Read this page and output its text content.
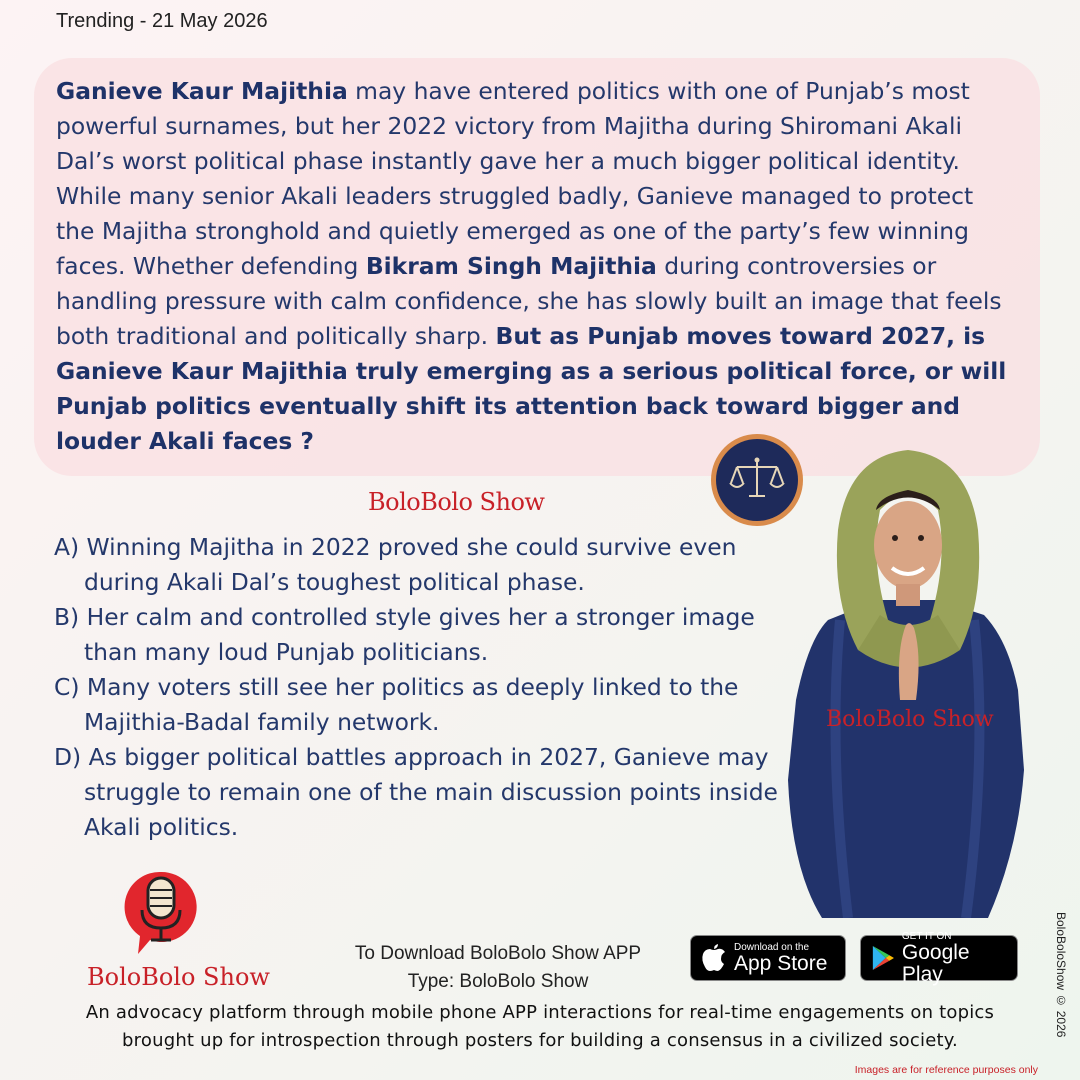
Trending - 21 May 2026

Ganieve Kaur Majithia may have entered politics with one of Punjab’s most powerful surnames, but her 2022 victory from Majitha during Shiromani Akali Dal’s worst political phase instantly gave her a much bigger political identity. While many senior Akali leaders struggled badly, Ganieve managed to protect the Majitha stronghold and quietly emerged as one of the party’s few winning faces. Whether defending Bikram Singh Majithia during controversies or handling pressure with calm confidence, she has slowly built an image that feels both traditional and politically sharp. But as Punjab moves toward 2027, is Ganieve Kaur Majithia truly emerging as a serious political force, or will Punjab politics eventually shift its attention back toward bigger and louder Akali faces ?

BoloBolo Show
A) Winning Majitha in 2022 proved she could survive even during Akali Dal’s toughest political phase.
B) Her calm and controlled style gives her a stronger image than many loud Punjab politicians.
C) Many voters still see her politics as deeply linked to the Majithia-Badal family network.
D) As bigger political battles approach in 2027, Ganieve may struggle to remain one of the main discussion points inside Akali politics.
BoloBolo Show
BoloBolo Show
To Download BoloBolo Show APP
Type: BoloBolo Show
Download on the
App Store
GET IT ON
Google Play
An advocacy platform through mobile phone APP interactions for real-time engagements on topics
brought up for introspection through posters for building a consensus in a civilized society.
BoloBoloShow © 2026
Images are for reference purposes only
